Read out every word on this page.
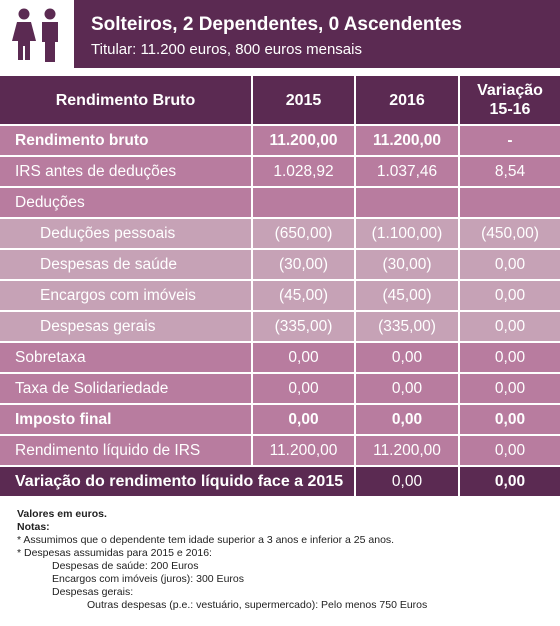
Solteiros, 2 Dependentes, 0 Ascendentes
Titular: 11.200 euros, 800 euros mensais
Rendimento Bruto	2015	2016	Variação
15-16
Rendimento bruto	11.200,00	11.200,00	-
IRS antes de deduções	1.028,92	1.037,46	8,54
Deduções			
Deduções pessoais	(650,00)	(1.100,00)	(450,00)
Despesas de saúde	(30,00)	(30,00)	0,00
Encargos com imóveis	(45,00)	(45,00)	0,00
Despesas gerais	(335,00)	(335,00)	0,00
Sobretaxa	0,00	0,00	0,00
Taxa de Solidariedade	0,00	0,00	0,00
Imposto final	0,00	0,00	0,00
Rendimento líquido de IRS	11.200,00	11.200,00	0,00
Variação do rendimento líquido face a 2015		0,00	0,00
Valores em euros.
Notas:
* Assumimos que o dependente tem idade superior a 3 anos e inferior a 25 anos.
* Despesas assumidas para 2015 e 2016:
Despesas de saúde: 200 Euros
Encargos com imóveis (juros): 300 Euros
Despesas gerais:
Outras despesas (p.e.: vestuário, supermercado): Pelo menos 750 Euros
